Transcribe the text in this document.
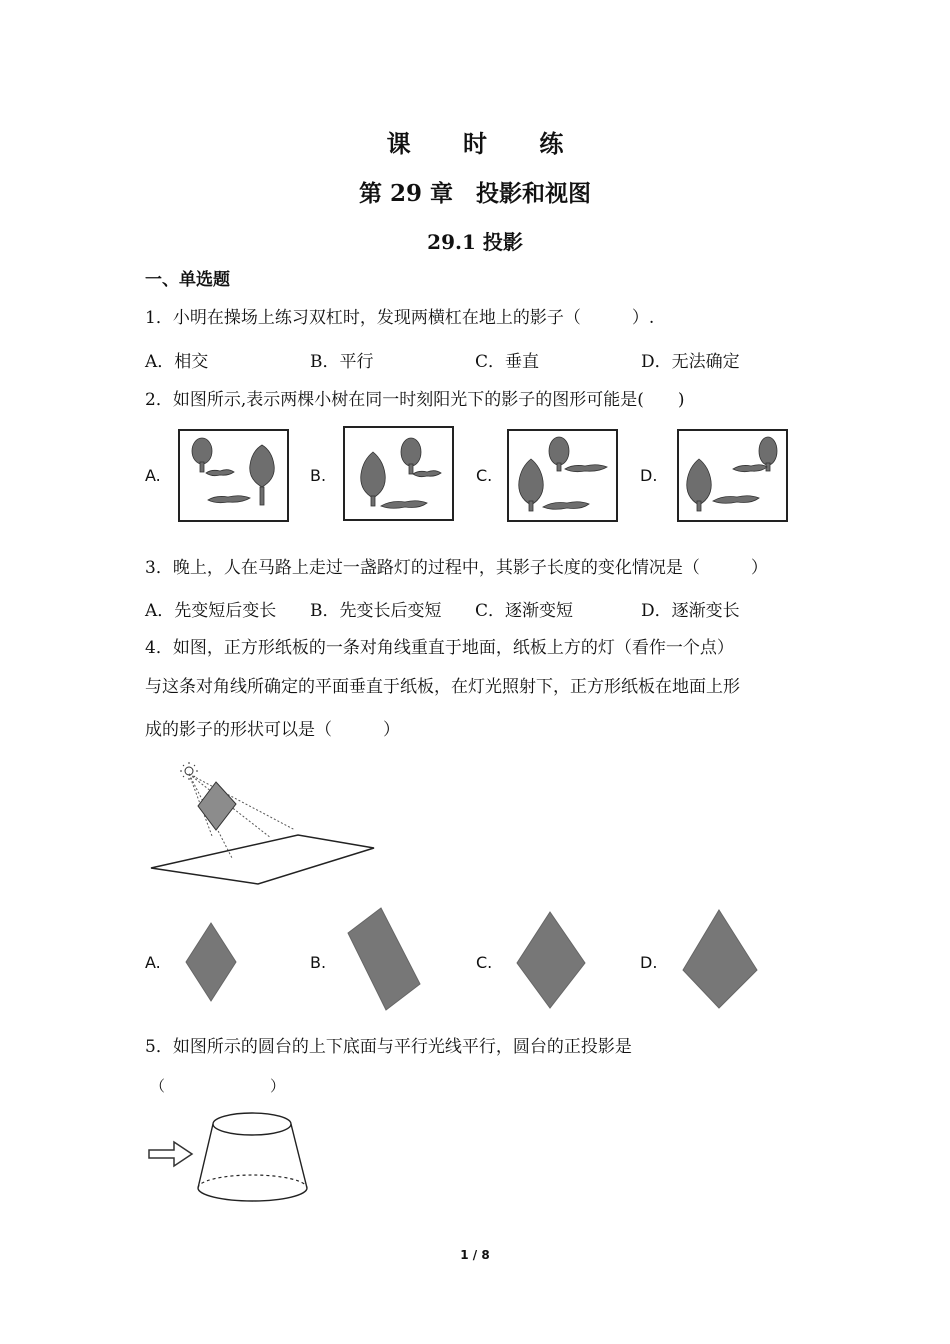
课 时 练
第 29 章　投影和视图
29.1 投影
一、单选题
1．小明在操场上练习双杠时，发现两横杠在地上的影子（　　　）.
A．相交	B．平行	C．垂直	D．无法确定
2．如图所示,表示两棵小树在同一时刻阳光下的影子的图形可能是(　　)
A.	B.	C.	D.
3．晚上，人在马路上走过一盏路灯的过程中，其影子长度的变化情况是（　　　）
A．先变短后变长 B．先变长后变短 C．逐渐变短	D．逐渐变长
4．如图，正方形纸板的一条对角线重直于地面，纸板上方的灯（看作一个点）
与这条对角线所确定的平面垂直于纸板，在灯光照射下，正方形纸板在地面上形
成的影子的形状可以是（　　　）
A.	B.	C.	D.
5．如图所示的圆台的上下底面与平行光线平行，圆台的正投影是
（　　　　　　　）
1 / 8
